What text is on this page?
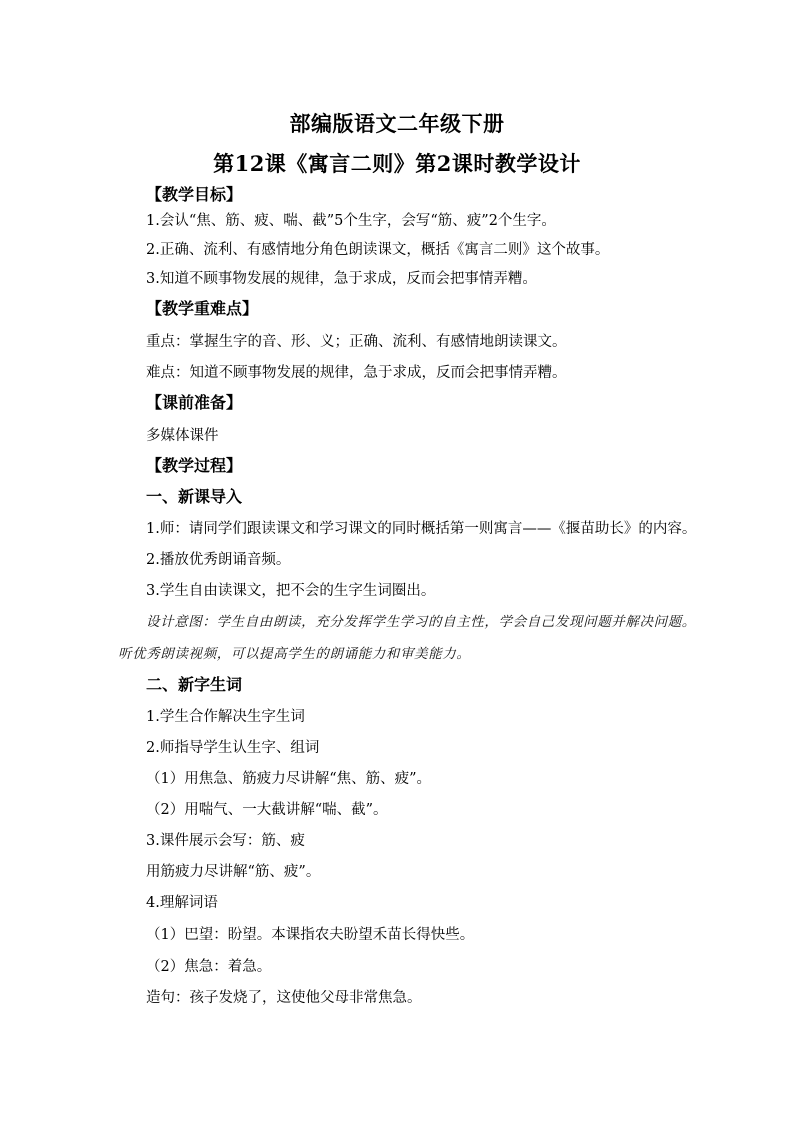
部编版语文二年级下册
第12课《寓言二则》第2课时教学设计
【教学目标】
1.会认“焦、筋、疲、喘、截”5个生字，会写“筋、疲”2个生字。
2.正确、流利、有感情地分角色朗读课文，概括《寓言二则》这个故事。
3.知道不顾事物发展的规律，急于求成，反而会把事情弄糟。
【教学重难点】
重点：掌握生字的音、形、义；正确、流利、有感情地朗读课文。
难点：知道不顾事物发展的规律，急于求成，反而会把事情弄糟。
【课前准备】
多媒体课件
【教学过程】
一、新课导入
1.师：请同学们跟读课文和学习课文的同时概括第一则寓言——《揠苗助长》的内容。
2.播放优秀朗诵音频。
3.学生自由读课文，把不会的生字生词圈出。
设计意图：学生自由朗读，充分发挥学生学习的自主性，学会自己发现问题并解决问题。
听优秀朗读视频，可以提高学生的朗诵能力和审美能力。
二、新字生词
1.学生合作解决生字生词
2.师指导学生认生字、组词
（1）用焦急、筋疲力尽讲解“焦、筋、疲”。
（2）用喘气、一大截讲解“喘、截”。
3.课件展示会写：筋、疲
用筋疲力尽讲解“筋、疲”。
4.理解词语
（1）巴望：盼望。本课指农夫盼望禾苗长得快些。
（2）焦急：着急。
造句：孩子发烧了，这使他父母非常焦急。
